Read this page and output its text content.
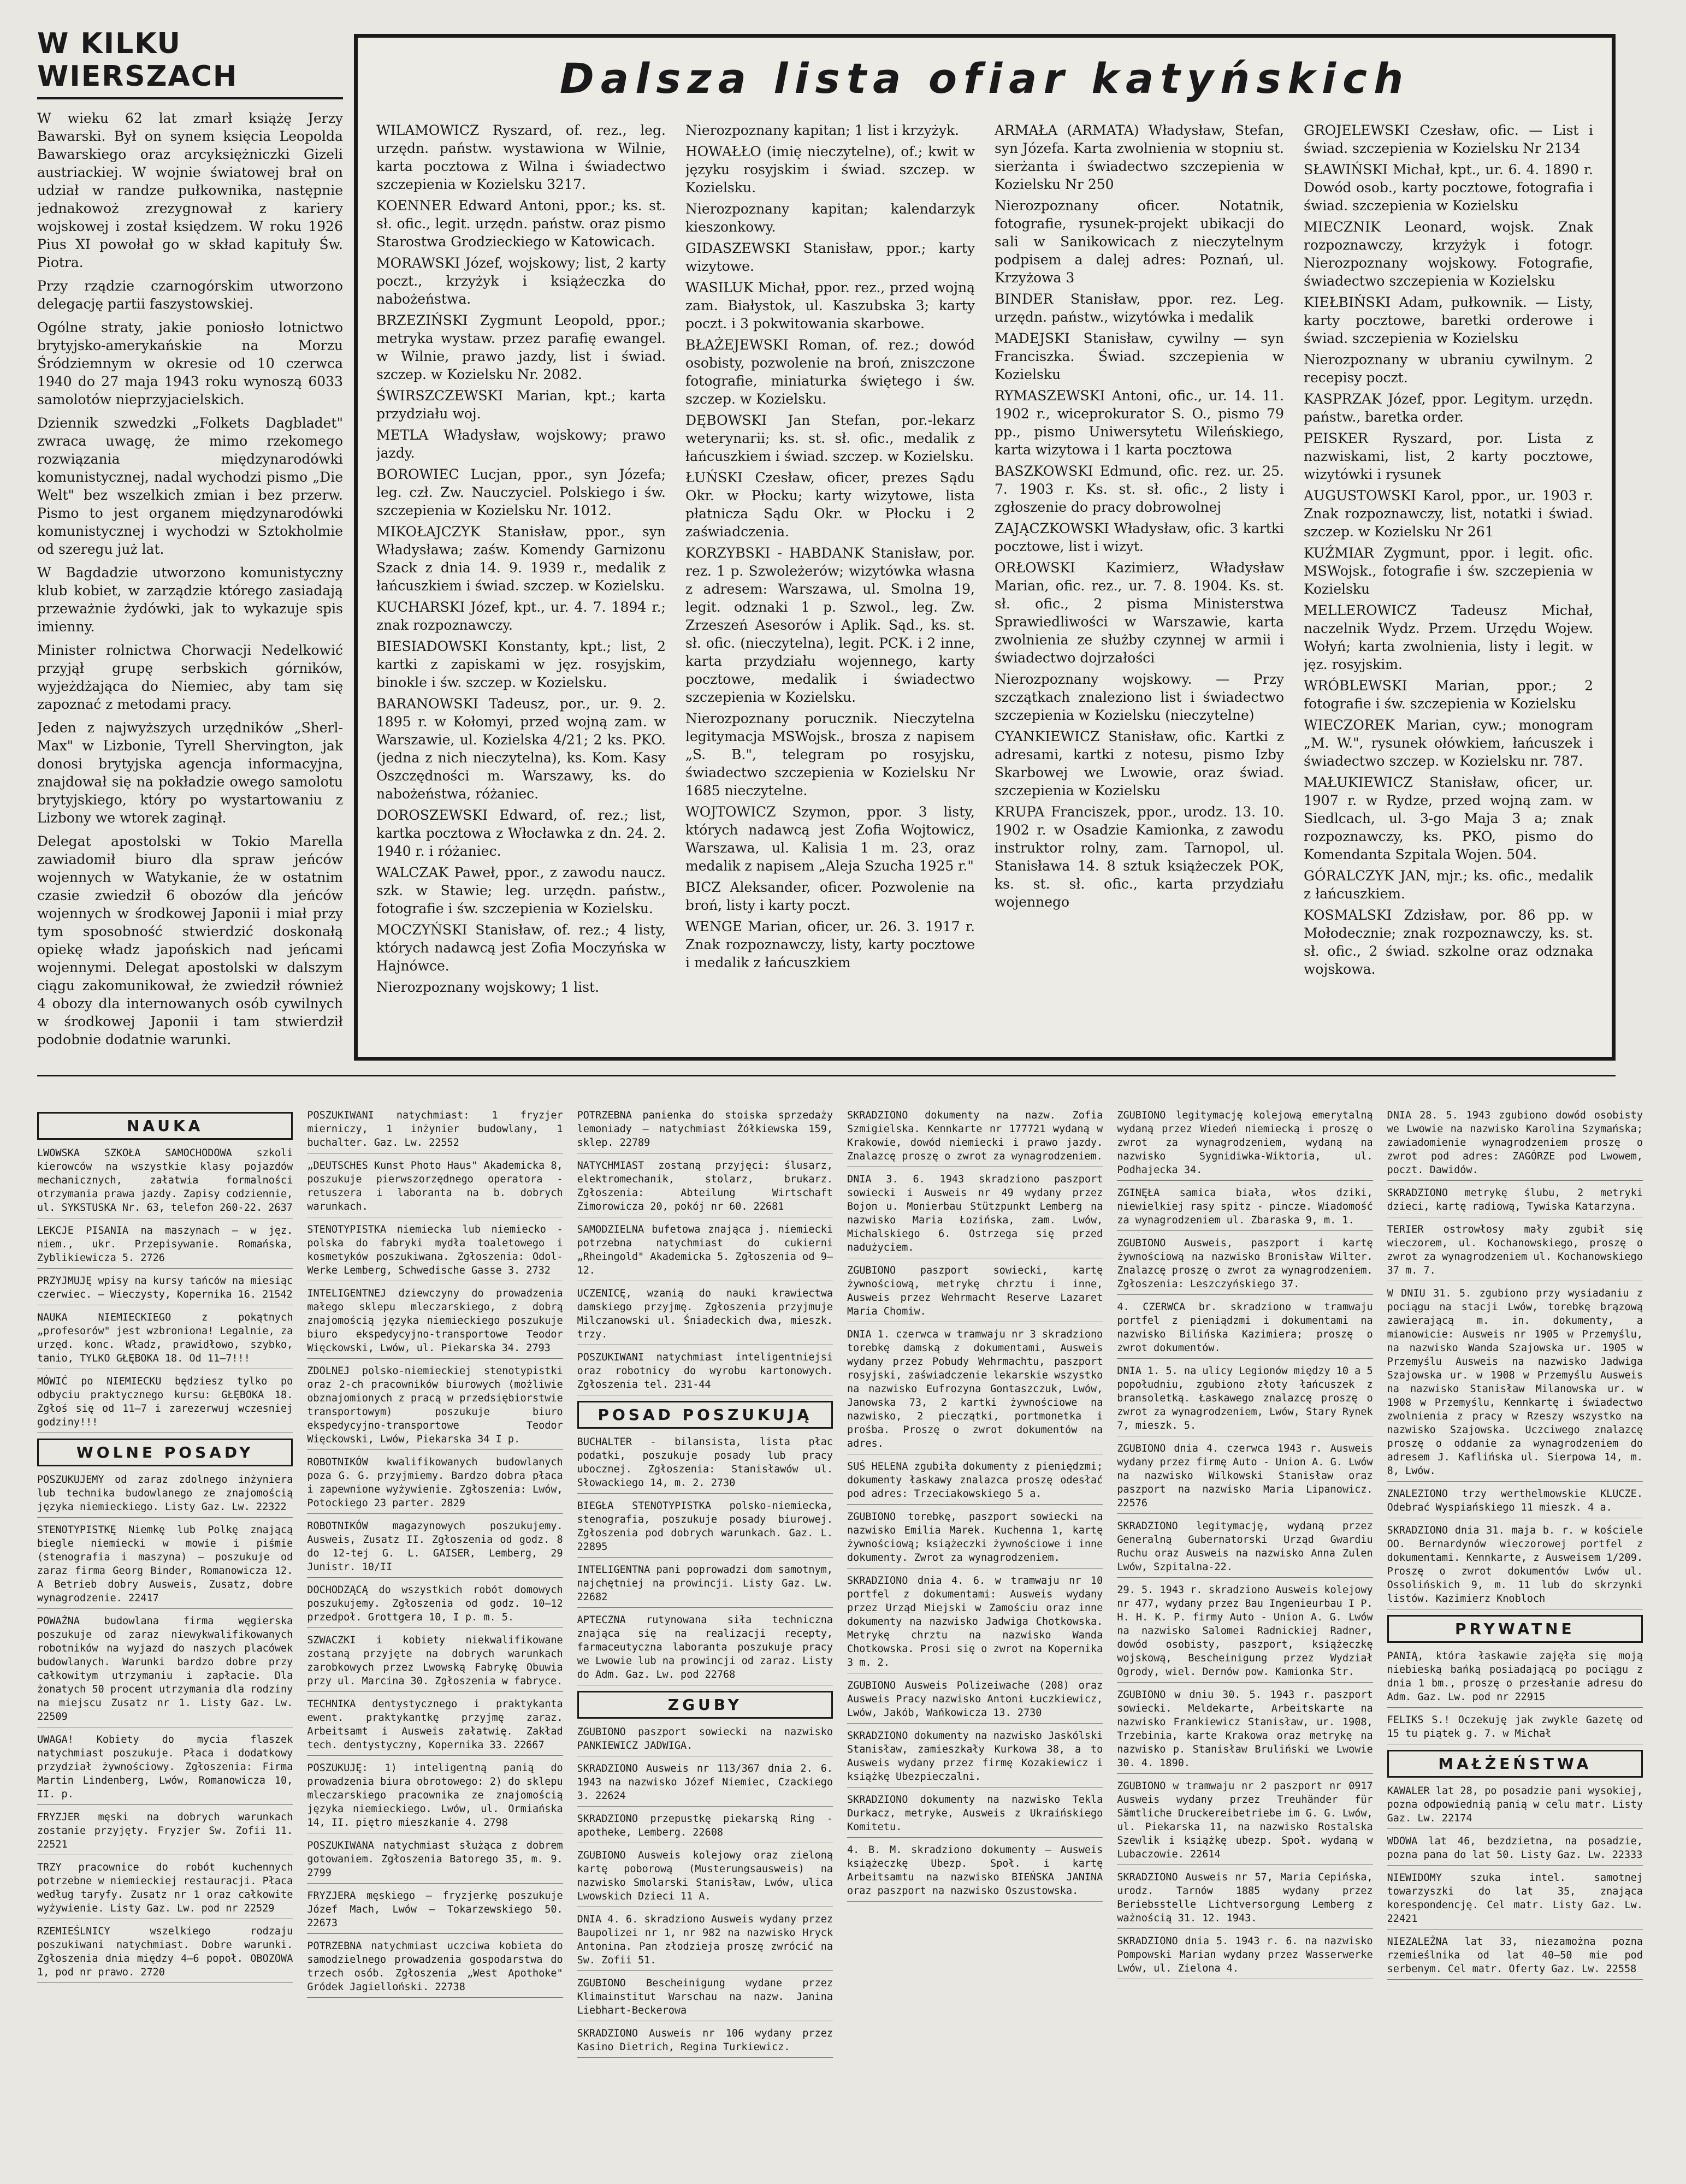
W KILKU WIERSZACH

W wieku 62 lat zmarł książę Jerzy Bawarski. Był on synem księcia Leopolda Bawarskiego oraz arcyksiężniczki Gizeli austriackiej. W wojnie światowej brał on udział w randze pułkownika, następnie jednakowoż zrezygnował z kariery wojskowej i został księdzem. W roku 1926 Pius XI powołał go w skład kapituły Św. Piotra.

Przy rządzie czarnogórskim utworzono delegację partii faszystowskiej.

Ogólne straty, jakie poniosło lotnictwo brytyjsko-amerykańskie na Morzu Śródziemnym w okresie od 10 czerwca 1940 do 27 maja 1943 roku wynoszą 6033 samolotów nieprzyjacielskich.

Dziennik szwedzki „Folkets Dagbladet" zwraca uwagę, że mimo rzekomego rozwiązania międzynarodówki komunistycznej, nadal wychodzi pismo „Die Welt" bez wszelkich zmian i bez przerw. Pismo to jest organem międzynarodówki komunistycznej i wychodzi w Sztokholmie od szeregu już lat.

W Bagdadzie utworzono komunistyczny klub kobiet, w zarządzie którego zasiadają przeważnie żydówki, jak to wykazuje spis imienny.

Minister rolnictwa Chorwacji Nedelkowić przyjął grupę serbskich górników, wyjeżdżająca do Niemiec, aby tam się zapoznać z metodami pracy.

Jeden z najwyższych urzędników „Sherl-Max" w Lizbonie, Tyrell Shervington, jak donosi brytyjska agencja informacyjna, znajdował się na pokładzie owego samolotu brytyjskiego, który po wystartowaniu z Lizbony we wtorek zaginął.

Delegat apostolski w Tokio Marella zawiadomił biuro dla spraw jeńców wojennych w Watykanie, że w ostatnim czasie zwiedził 6 obozów dla jeńców wojennych w środkowej Japonii i miał przy tym sposobność stwierdzić doskonałą opiekę władz japońskich nad jeńcami wojennymi. Delegat apostolski w dalszym ciągu zakomunikował, że zwiedził również 4 obozy dla internowanych osób cywilnych w środkowej Japonii i tam stwierdził podobnie dodatnie warunki.

Dalsza lista ofiar katyńskich

WILAMOWICZ Ryszard, of. rez., leg. urzędn. państw. wystawiona w Wilnie, karta pocztowa z Wilna i świadectwo szczepienia w Kozielsku 3217.

KOENNER Edward Antoni, ppor.; ks. st. sł. ofic., legit. urzędn. państw. oraz pismo Starostwa Grodzieckiego w Katowicach.

MORAWSKI Józef, wojskowy; list, 2 karty poczt., krzyżyk i książeczka do nabożeństwa.

BRZEZIŃSKI Zygmunt Leopold, ppor.; metryka wystaw. przez parafię ewangel. w Wilnie, prawo jazdy, list i świad. szczep. w Kozielsku Nr. 2082.

ŚWIRSZCZEWSKI Marian, kpt.; karta przydziału woj.

METLA Władysław, wojskowy; prawo jazdy.

BOROWIEC Lucjan, ppor., syn Józefa; leg. czł. Zw. Nauczyciel. Polskiego i św. szczepienia w Kozielsku Nr. 1012.

MIKOŁAJCZYK Stanisław, ppor., syn Władysława; zaśw. Komendy Garnizonu Szack z dnia 14. 9. 1939 r., medalik z łańcuszkiem i świad. szczep. w Kozielsku.

KUCHARSKI Józef, kpt., ur. 4. 7. 1894 r.; znak rozpoznawczy.

BIESIADOWSKI Konstanty, kpt.; list, 2 kartki z zapiskami w jęz. rosyjskim, binokle i św. szczep. w Kozielsku.

BARANOWSKI Tadeusz, por., ur. 9. 2. 1895 r. w Kołomyi, przed wojną zam. w Warszawie, ul. Kozielska 4/21; 2 ks. PKO. (jedna z nich nieczytelna), ks. Kom. Kasy Oszczędności m. Warszawy, ks. do nabożeństwa, różaniec.

DOROSZEWSKI Edward, of. rez.; list, kartka pocztowa z Włocławka z dn. 24. 2. 1940 r. i różaniec.

WALCZAK Paweł, ppor., z zawodu naucz. szk. w Stawie; leg. urzędn. państw., fotografie i św. szczepienia w Kozielsku.

MOCZYŃSKI Stanisław, of. rez.; 4 listy, których nadawcą jest Zofia Moczyńska w Hajnówce.

Nierozpoznany wojskowy; 1 list.

Nierozpoznany kapitan; 1 list i krzyżyk.

HOWAŁŁO (imię nieczytelne), of.; kwit w języku rosyjskim i świad. szczep. w Kozielsku.

Nierozpoznany kapitan; kalendarzyk kieszonkowy.

GIDASZEWSKI Stanisław, ppor.; karty wizytowe.

WASILUK Michał, ppor. rez., przed wojną zam. Białystok, ul. Kaszubska 3; karty poczt. i 3 pokwitowania skarbowe.

BŁAŻEJEWSKI Roman, of. rez.; dowód osobisty, pozwolenie na broń, zniszczone fotografie, miniaturka świętego i św. szczep. w Kozielsku.

DĘBOWSKI Jan Stefan, por.-lekarz weterynarii; ks. st. sł. ofic., medalik z łańcuszkiem i świad. szczep. w Kozielsku.

ŁUŃSKI Czesław, oficer, prezes Sądu Okr. w Płocku; karty wizytowe, lista płatnicza Sądu Okr. w Płocku i 2 zaświadczenia.

KORZYBSKI - HABDANK Stanisław, por. rez. 1 p. Szwoleżerów; wizytówka własna z adresem: Warszawa, ul. Smolna 19, legit. odznaki 1 p. Szwol., leg. Zw. Zrzeszeń Asesorów i Aplik. Sąd., ks. st. sł. ofic. (nieczytelna), legit. PCK. i 2 inne, karta przydziału wojennego, karty pocztowe, medalik i świadectwo szczepienia w Kozielsku.

Nierozpoznany porucznik. Nieczytelna legitymacja MSWojsk., brosza z napisem „S. B.", telegram po rosyjsku, świadectwo szczepienia w Kozielsku Nr 1685 nieczytelne.

WOJTOWICZ Szymon, ppor. 3 listy, których nadawcą jest Zofia Wojtowicz, Warszawa, ul. Kalisia 1 m. 23, oraz medalik z napisem „Aleja Szucha 1925 r."

BICZ Aleksander, oficer. Pozwolenie na broń, listy i karty poczt.

WENGE Marian, oficer, ur. 26. 3. 1917 r. Znak rozpoznawczy, listy, karty pocztowe i medalik z łańcuszkiem

ARMAŁA (ARMATA) Władysław, Stefan, syn Józefa. Karta zwolnienia w stopniu st. sierżanta i świadectwo szczepienia w Kozielsku Nr 250

Nierozpoznany oficer. Notatnik, fotografie, rysunek-projekt ubikacji do sali w Sanikowicach z nieczytelnym podpisem a dalej adres: Poznań, ul. Krzyżowa 3

BINDER Stanisław, ppor. rez. Leg. urzędn. państw., wizytówka i medalik

MADEJSKI Stanisław, cywilny — syn Franciszka. Świad. szczepienia w Kozielsku

RYMASZEWSKI Antoni, ofic., ur. 14. 11. 1902 r., wiceprokurator S. O., pismo 79 pp., pismo Uniwersytetu Wileńskiego, karta wizytowa i 1 karta pocztowa

BASZKOWSKI Edmund, ofic. rez. ur. 25. 7. 1903 r. Ks. st. sł. ofic., 2 listy i zgłoszenie do pracy dobrowolnej

ZAJĄCZKOWSKI Władysław, ofic. 3 kartki pocztowe, list i wizyt.

ORŁOWSKI Kazimierz, Władysław Marian, ofic. rez., ur. 7. 8. 1904. Ks. st. sł. ofic., 2 pisma Ministerstwa Sprawiedliwości w Warszawie, karta zwolnienia ze służby czynnej w armii i świadectwo dojrzałości

Nierozpoznany wojskowy. — Przy szczątkach znaleziono list i świadectwo szczepienia w Kozielsku (nieczytelne)

CYANKIEWICZ Stanisław, ofic. Kartki z adresami, kartki z notesu, pismo Izby Skarbowej we Lwowie, oraz świad. szczepienia w Kozielsku

KRUPA Franciszek, ppor., urodz. 13. 10. 1902 r. w Osadzie Kamionka, z zawodu instruktor rolny, zam. Tarnopol, ul. Stanisława 14. 8 sztuk książeczek POK, ks. st. sł. ofic., karta przydziału wojennego

GROJELEWSKI Czesław, ofic. — List i świad. szczepienia w Kozielsku Nr 2134

SŁAWIŃSKI Michał, kpt., ur. 6. 4. 1890 r. Dowód osob., karty pocztowe, fotografia i świad. szczepienia w Kozielsku

MIECZNIK Leonard, wojsk. Znak rozpoznawczy, krzyżyk i fotogr. Nierozpoznany wojskowy. Fotografie, świadectwo szczepienia w Kozielsku

KIEŁBIŃSKI Adam, pułkownik. — Listy, karty pocztowe, baretki orderowe i świad. szczepienia w Kozielsku

Nierozpoznany w ubraniu cywilnym. 2 recepisy poczt.

KASPRZAK Józef, ppor. Legitym. urzędn. państw., baretka order.

PEISKER Ryszard, por. Lista z nazwiskami, list, 2 karty pocztowe, wizytówki i rysunek

AUGUSTOWSKI Karol, ppor., ur. 1903 r. Znak rozpoznawczy, list, notatki i świad. szczep. w Kozielsku Nr 261

KUŹMIAR Zygmunt, ppor. i legit. ofic. MSWojsk., fotografie i św. szczepienia w Kozielsku

MELLEROWICZ Tadeusz Michał, naczelnik Wydz. Przem. Urzędu Wojew. Wołyń; karta zwolnienia, listy i legit. w jęz. rosyjskim.

WRÓBLEWSKI Marian, ppor.; 2 fotografie i św. szczepienia w Kozielsku

WIECZOREK Marian, cyw.; monogram „M. W.", rysunek ołówkiem, łańcuszek i świadectwo szczep. w Kozielsku nr. 787.

MAŁUKIEWICZ Stanisław, oficer, ur. 1907 r. w Rydze, przed wojną zam. w Siedlcach, ul. 3-go Maja 3 a; znak rozpoznawczy, ks. PKO, pismo do Komendanta Szpitala Wojen. 504.

GÓRALCZYK JAN, mjr.; ks. ofic., medalik z łańcuszkiem.

KOSMALSKI Zdzisław, por. 86 pp. w Mołodecznie; znak rozpoznawczy, ks. st. sł. ofic., 2 świad. szkolne oraz odznaka wojskowa.

NAUKA
LWOWSKA SZKOŁA SAMOCHODOWA szkoli kierowców na wszystkie klasy pojazdów mechanicznych, załatwia formalności otrzymania prawa jazdy. Zapisy codziennie, ul. SYKSTUSKA Nr. 63, telefon 260-22. 2637
LEKCJE PISANIA na maszynach — w jęz. niem., ukr. Przepisywanie. Romańska, Zyblikiewicza 5. 2726
PRZYJMUJĘ wpisy na kursy tańców na miesiąc czerwiec. — Wieczysty, Kopernika 16. 21542
NAUKA NIEMIECKIEGO z pokątnych „profesorów" jest wzbroniona! Legalnie, za urzęd. konc. Władz, prawidłowo, szybko, tanio, TYLKO GŁĘBOKA 18. Od 11—7!!!
MÓWIĆ po NIEMIECKU będziesz tylko po odbyciu praktycznego kursu: GŁĘBOKA 18. Zgłoś się od 11—7 i zarezerwuj wczesniej godziny!!!
WOLNE POSADY
POSZUKUJEMY od zaraz zdolnego inżyniera lub technika budowlanego ze znajomością języka niemieckiego. Listy Gaz. Lw. 22322
STENOTYPISTKĘ Niemkę lub Polkę znającą biegle niemiecki w mowie i piśmie (stenografia i maszyna) — poszukuje od zaraz firma Georg Binder, Romanowicza 12. A Betrieb dobry Ausweis, Zusatz, dobre wynagrodzenie. 22417
POWAŻNA budowlana firma węgierska poszukuje od zaraz niewykwalifikowanych robotników na wyjazd do naszych placówek budowlanych. Warunki bardzo dobre przy całkowitym utrzymaniu i zapłacie. Dla żonatych 50 procent utrzymania dla rodziny na miejscu Zusatz nr 1. Listy Gaz. Lw. 22509
UWAGA! Kobiety do mycia flaszek natychmiast poszukuje. Płaca i dodatkowy przydział żywnościowy. Zgłoszenia: Firma Martin Lindenberg, Lwów, Romanowicza 10, II. p.
FRYZJER męski na dobrych warunkach zostanie przyjęty. Fryzjer Sw. Zofii 11. 22521
TRZY pracownice do robót kuchennych potrzebne w niemieckiej restauracji. Płaca według taryfy. Zusatz nr 1 oraz całkowite wyżywienie. Listy Gaz. Lw. pod nr 22529
RZEMIEŚLNICY wszelkiego rodzaju poszukiwani natychmiast. Dobre warunki. Zgłoszenia dnia między 4—6 popoł. OBOZOWA 1, pod nr prawo. 2720
POSZUKIWANI natychmiast: 1 fryzjer mierniczy, 1 inżynier budowlany, 1 buchalter. Gaz. Lw. 22552
„DEUTSCHES Kunst Photo Haus" Akademicka 8, poszukuje pierwszorzędnego operatora - retuszera i laboranta na b. dobrych warunkach.
STENOTYPISTKA niemiecka lub niemiecko - polska do fabryki mydła toaletowego i kosmetyków poszukiwana. Zgłoszenia: Odol-Werke Lemberg, Schwedische Gasse 3. 2732
INTELIGENTNEJ dziewczyny do prowadzenia małego sklepu mleczarskiego, z dobrą znajomością języka niemieckiego poszukuje biuro ekspedycyjno-transportowe Teodor Więckowski, Lwów, ul. Piekarska 34. 2793
ZDOLNEJ polsko-niemieckiej stenotypistki oraz 2-ch pracowników biurowych (możliwie obznajomionych z pracą w przedsiębiorstwie transportowym) poszukuje biuro ekspedycyjno-transportowe Teodor Więckowski, Lwów, Piekarska 34 I p.
ROBOTNIKÓW kwalifikowanych budowlanych poza G. G. przyjmiemy. Bardzo dobra płaca i zapewnione wyżywienie. Zgłoszenia: Lwów, Potockiego 23 parter. 2829
ROBOTNIKÓW magazynowych poszukujemy. Ausweis, Zusatz II. Zgłoszenia od godz. 8 do 12-tej G. L. GAISER, Lemberg, 29 Junistr. 10/II
DOCHODZĄCĄ do wszystkich robót domowych poszukujemy. Zgłoszenia od godz. 10—12 przedpoł. Grottgera 10, I p. m. 5.
SZWACZKI i kobiety niekwalifikowane zostaną przyjęte na dobrych warunkach zarobkowych przez Lwowską Fabrykę Obuwia przy ul. Marcina 30. Zgłoszenia w fabryce.
TECHNIKA dentystycznego i praktykanta ewent. praktykantkę przyjmę zaraz. Arbeitsamt i Ausweis załatwię. Zakład tech. dentystyczny, Kopernika 33. 22667
POSZUKUJĘ: 1) inteligentną panią do prowadzenia biura obrotowego: 2) do sklepu mleczarskiego pracownika ze znajomością języka niemieckiego. Lwów, ul. Ormiańska 14, II. piętro mieszkanie 4. 2798
POSZUKIWANA natychmiast służąca z dobrem gotowaniem. Zgłoszenia Batorego 35, m. 9. 2799
FRYZJERA męskiego — fryzjerkę poszukuje Józef Mach, Lwów — Tokarzewskiego 50. 22673
POTRZEBNA natychmiast uczciwa kobieta do samodzielnego prowadzenia gospodarstwa do trzech osób. Zgłoszenia „West Apothoke" Gródek Jagielloński. 22738
POTRZEBNA panienka do stoiska sprzedaży lemoniady — natychmiast Żółkiewska 159, sklep. 22789
NATYCHMIAST zostaną przyjęci: ślusarz, elektromechanik, stolarz, brukarz. Zgłoszenia: Abteilung Wirtschaft Zimorowicza 20, pokój nr 60. 22681
SAMODZIELNA bufetowa znająca j. niemiecki potrzebna natychmiast do cukierni „Rheingold" Akademicka 5. Zgłoszenia od 9—12.
UCZENICĘ, wzanią do nauki krawiectwa damskiego przyjmę. Zgłoszenia przyjmuje Milczanowski ul. Śniadeckich dwa, mieszk. trzy.
POSZUKIWANI natychmiast inteligentniejsi oraz robotnicy do wyrobu kartonowych. Zgłoszenia tel. 231-44
POSAD POSZUKUJĄ
BUCHALTER - bilansista, lista płac podatki, poszukuje posady lub pracy ubocznej. Zgłoszenia: Stanisławów ul. Słowackiego 14, m. 2. 2730
BIEGŁA STENOTYPISTKA polsko-niemiecka, stenografia, poszukuje posady biurowej. Zgłoszenia pod dobrych warunkach. Gaz. L. 22895
INTELIGENTNA pani poprowadzi dom samotnym, najchętniej na prowincji. Listy Gaz. Lw. 22682
APTECZNA rutynowana siła techniczna znająca się na realizacji recepty, farmaceutyczna laboranta poszukuje pracy we Lwowie lub na prowincji od zaraz. Listy do Adm. Gaz. Lw. pod 22768
ZGUBY
ZGUBIONO paszport sowiecki na nazwisko PANKIEWICZ JADWIGA.
SKRADZIONO Ausweis nr 113/367 dnia 2. 6. 1943 na nazwisko Józef Niemiec, Czackiego 3. 22624
SKRADZIONO przepustkę piekarską Ring - apotheke, Lemberg. 22608
ZGUBIONO Ausweis kolejowy oraz zieloną kartę poborową (Musterungsausweis) na nazwisko Smolarski Stanisław, Lwów, ulica Lwowskich Dzieci 11 A.
DNIA 4. 6. skradziono Ausweis wydany przez Baupolizei nr 1, nr 982 na nazwisko Hryck Antonina. Pan złodzieja proszę zwrócić na Sw. Zofii 51.
ZGUBIONO Bescheinigung wydane przez Klimainstitut Warschau na nazw. Janina Liebhart-Beckerowa
SKRADZIONO Ausweis nr 106 wydany przez Kasino Dietrich, Regina Turkiewicz.
SKRADZIONO dokumenty na nazw. Zofia Szmigielska. Kennkarte nr 177721 wydaną w Krakowie, dowód niemiecki i prawo jazdy. Znalazcę proszę o zwrot za wynagrodzeniem.
DNIA 3. 6. 1943 skradziono paszport sowiecki i Ausweis nr 49 wydany przez Bojon u. Monierbau Stützpunkt Lemberg na nazwisko Maria Łozińska, zam. Lwów, Michalskiego 6. Ostrzega się przed nadużyciem.
ZGUBIONO paszport sowiecki, kartę żywnościową, metrykę chrztu i inne, Ausweis przez Wehrmacht Reserve Lazaret Maria Chomiw.
DNIA 1. czerwca w tramwaju nr 3 skradziono torebkę damską z dokumentami, Ausweis wydany przez Pobudy Wehrmachtu, paszport rosyjski, zaświadczenie lekarskie wszystko na nazwisko Eufrozyna Gontaszczuk, Lwów, Janowska 73, 2 kartki żywnościowe na nazwisko, 2 pieczątki, portmonetka i prośba. Proszę o zwrot dokumentów na adres.
SUŚ HELENA zgubiła dokumenty z pieniędzmi; dokumenty łaskawy znalazca proszę odesłać pod adres: Trzeciakowskiego 5 a.
ZGUBIONO torebkę, paszport sowiecki na nazwisko Emilia Marek. Kuchenna 1, kartę żywnościową; książeczki żywnościowe i inne dokumenty. Zwrot za wynagrodzeniem.
SKRADZIONO dnia 4. 6. w tramwaju nr 10 portfel z dokumentami: Ausweis wydany przez Urząd Miejski w Zamościu oraz inne dokumenty na nazwisko Jadwiga Chotkowska. Metrykę chrztu na nazwisko Wanda Chotkowska. Prosi się o zwrot na Kopernika 3 m. 2.
ZGUBIONO Ausweis Polizeiwache (208) oraz Ausweis Pracy nazwisko Antoni Łuczkiewicz, Lwów, Jakób, Wańkowicza 13. 2730
SKRADZIONO dokumenty na nazwisko Jaskólski Stanisław, zamieszkały Kurkowa 38, a to Ausweis wydany przez firmę Kozakiewicz i książkę Ubezpieczalni.
SKRADZIONO dokumenty na nazwisko Tekla Durkacz, metryke, Ausweis z Ukraińskiego Komitetu.
4. B. M. skradziono dokumenty — Ausweis książeczkę Ubezp. Społ. i kartę Arbeitsamtu na nazwisko BIEŃSKA JANINA oraz paszport na nazwisko Oszustowska.
ZGUBIONO legitymację kolejową emerytalną wydaną przez Wiedeń niemiecką i proszę o zwrot za wynagrodzeniem, wydaną na nazwisko Sygnidiwka-Wiktoria, ul. Podhajecka 34.
ZGINĘŁA samica biała, włos dziki, niewielkiej rasy spitz - pincze. Wiadomość za wynagrodzeniem ul. Zbaraska 9, m. 1.
ZGUBIONO Ausweis, paszport i kartę żywnościową na nazwisko Bronisław Wilter. Znalazcę proszę o zwrot za wynagrodzeniem. Zgłoszenia: Leszczyńskiego 37.
4. CZERWCA br. skradziono w tramwaju portfel z pieniądzmi i dokumentami na nazwisko Bilińska Kazimiera; proszę o zwrot dokumentów.
DNIA 1. 5. na ulicy Legionów między 10 a 5 popołudniu, zgubiono złoty łańcuszek z bransoletką. Łaskawego znalazcę proszę o zwrot za wynagrodzeniem, Lwów, Stary Rynek 7, mieszk. 5.
ZGUBIONO dnia 4. czerwca 1943 r. Ausweis wydany przez firmę Auto - Union A. G. Lwów na nazwisko Wilkowski Stanisław oraz paszport na nazwisko Maria Lipanowicz. 22576
SKRADZIONO legitymację, wydaną przez Generalną Gubernatorski Urząd Gwardiu Ruchu oraz Ausweis na nazwisko Anna Zulen Lwów, Szpitalna-22.
29. 5. 1943 r. skradziono Ausweis kolejowy nr 477, wydany przez Bau Ingenieurbau I P. H. H. K. P. firmy Auto - Union A. G. Lwów na nazwisko Salomei Radnickiej Radner, dowód osobisty, paszport, książeczkę wojskową, Bescheinigung przez Wydział Ogrody, wiel. Dernów pow. Kamionka Str.
ZGUBIONO w dniu 30. 5. 1943 r. paszport sowiecki. Meldekarte, Arbeitskarte na nazwisko Frankiewicz Stanisław, ur. 1908, Trzebinia, karte Krakowa oraz metrykę na nazwisko p. Stanisław Bruliński we Lwowie 30. 4. 1890.
ZGUBIONO w tramwaju nr 2 paszport nr 0917 Ausweis wydany przez Treuhänder für Sämtliche Druckereibetriebe im G. G. Lwów, ul. Piekarska 11, na nazwisko Rostalska Szewlik i książkę ubezp. Społ. wydaną w Lubaczowie. 22614
SKRADZIONO Ausweis nr 57, Maria Cepińska, urodz. Tarnów 1885 wydany przez Beriebsstelle Lichtversorgung Lemberg z ważnością 31. 12. 1943.
SKRADZIONO dnia 5. 1943 r. 6. na nazwisko Pompowski Marian wydany przez Wasserwerke Lwów, ul. Zielona 4.
DNIA 28. 5. 1943 zgubiono dowód osobisty we Lwowie na nazwisko Karolina Szymańska; zawiadomienie wynagrodzeniem proszę o zwrot pod adres: ZAGÓRZE pod Lwowem, poczt. Dawidów.
SKRADZIONO metrykę ślubu, 2 metryki dzieci, kartę radiową, Tywiska Katarzyna.
TERIER ostrowłosy mały zgubił się wieczorem, ul. Kochanowskiego, proszę o zwrot za wynagrodzeniem ul. Kochanowskiego 37 m. 7.
W DNIU 31. 5. zgubiono przy wysiadaniu z pociągu na stacji Lwów, torebkę brązową zawierającą m. in. dokumenty, a mianowicie: Ausweis nr 1905 w Przemyślu, na nazwisko Wanda Szajowska ur. 1905 w Przemyślu Ausweis na nazwisko Jadwiga Szajowska ur. w 1908 w Przemyślu Ausweis na nazwisko Stanisław Milanowska ur. w 1908 w Przemyślu, Kennkartę i świadectwo zwolnienia z pracy w Rzeszy wszystko na nazwisko Szajowska. Uczciwego znalazcę proszę o oddanie za wynagrodzeniem do adresem J. Kaflińska ul. Sierpowa 14, m. 8, Lwów.
ZNALEZIONO trzy werthelmowskie KLUCZE. Odebrać Wyspiańskiego 11 mieszk. 4 a.
SKRADZIONO dnia 31. maja b. r. w kościele OO. Bernardynów wieczorowej portfel z dokumentami. Kennkarte, z Ausweisem 1/209. Proszę o zwrot dokumentów Lwów ul. Ossolińskich 9, m. 11 lub do skrzynki listów. Kazimierz Knobloch
PRYWATNE
PANIĄ, która łaskawie zajęła się moją niebieską bańką posiadającą po pociągu z dnia 1 bm., proszę o przesłanie adresu do Adm. Gaz. Lw. pod nr 22915
FELIKS S.! Oczekuję jak zwykle Gazetę od 15 tu piątek g. 7. w Michał
MAŁŻEŃSTWA
KAWALER lat 28, po posadzie pani wysokiej, pozna odpowiednią panią w celu matr. Listy Gaz. Lw. 22174
WDOWA lat 46, bezdzietna, na posadzie, pozna pana do lat 50. Listy Gaz. Lw. 22333
NIEWIDOMY szuka intel. samotnej towarzyszki do lat 35, znająca korespondencję. Cel matr. Listy Gaz. Lw. 22421
NIEZALEŻNA lat 33, niezamożna pozna rzemieślnika od lat 40—50 mie pod serbenym. Cel matr. Oferty Gaz. Lw. 22558
